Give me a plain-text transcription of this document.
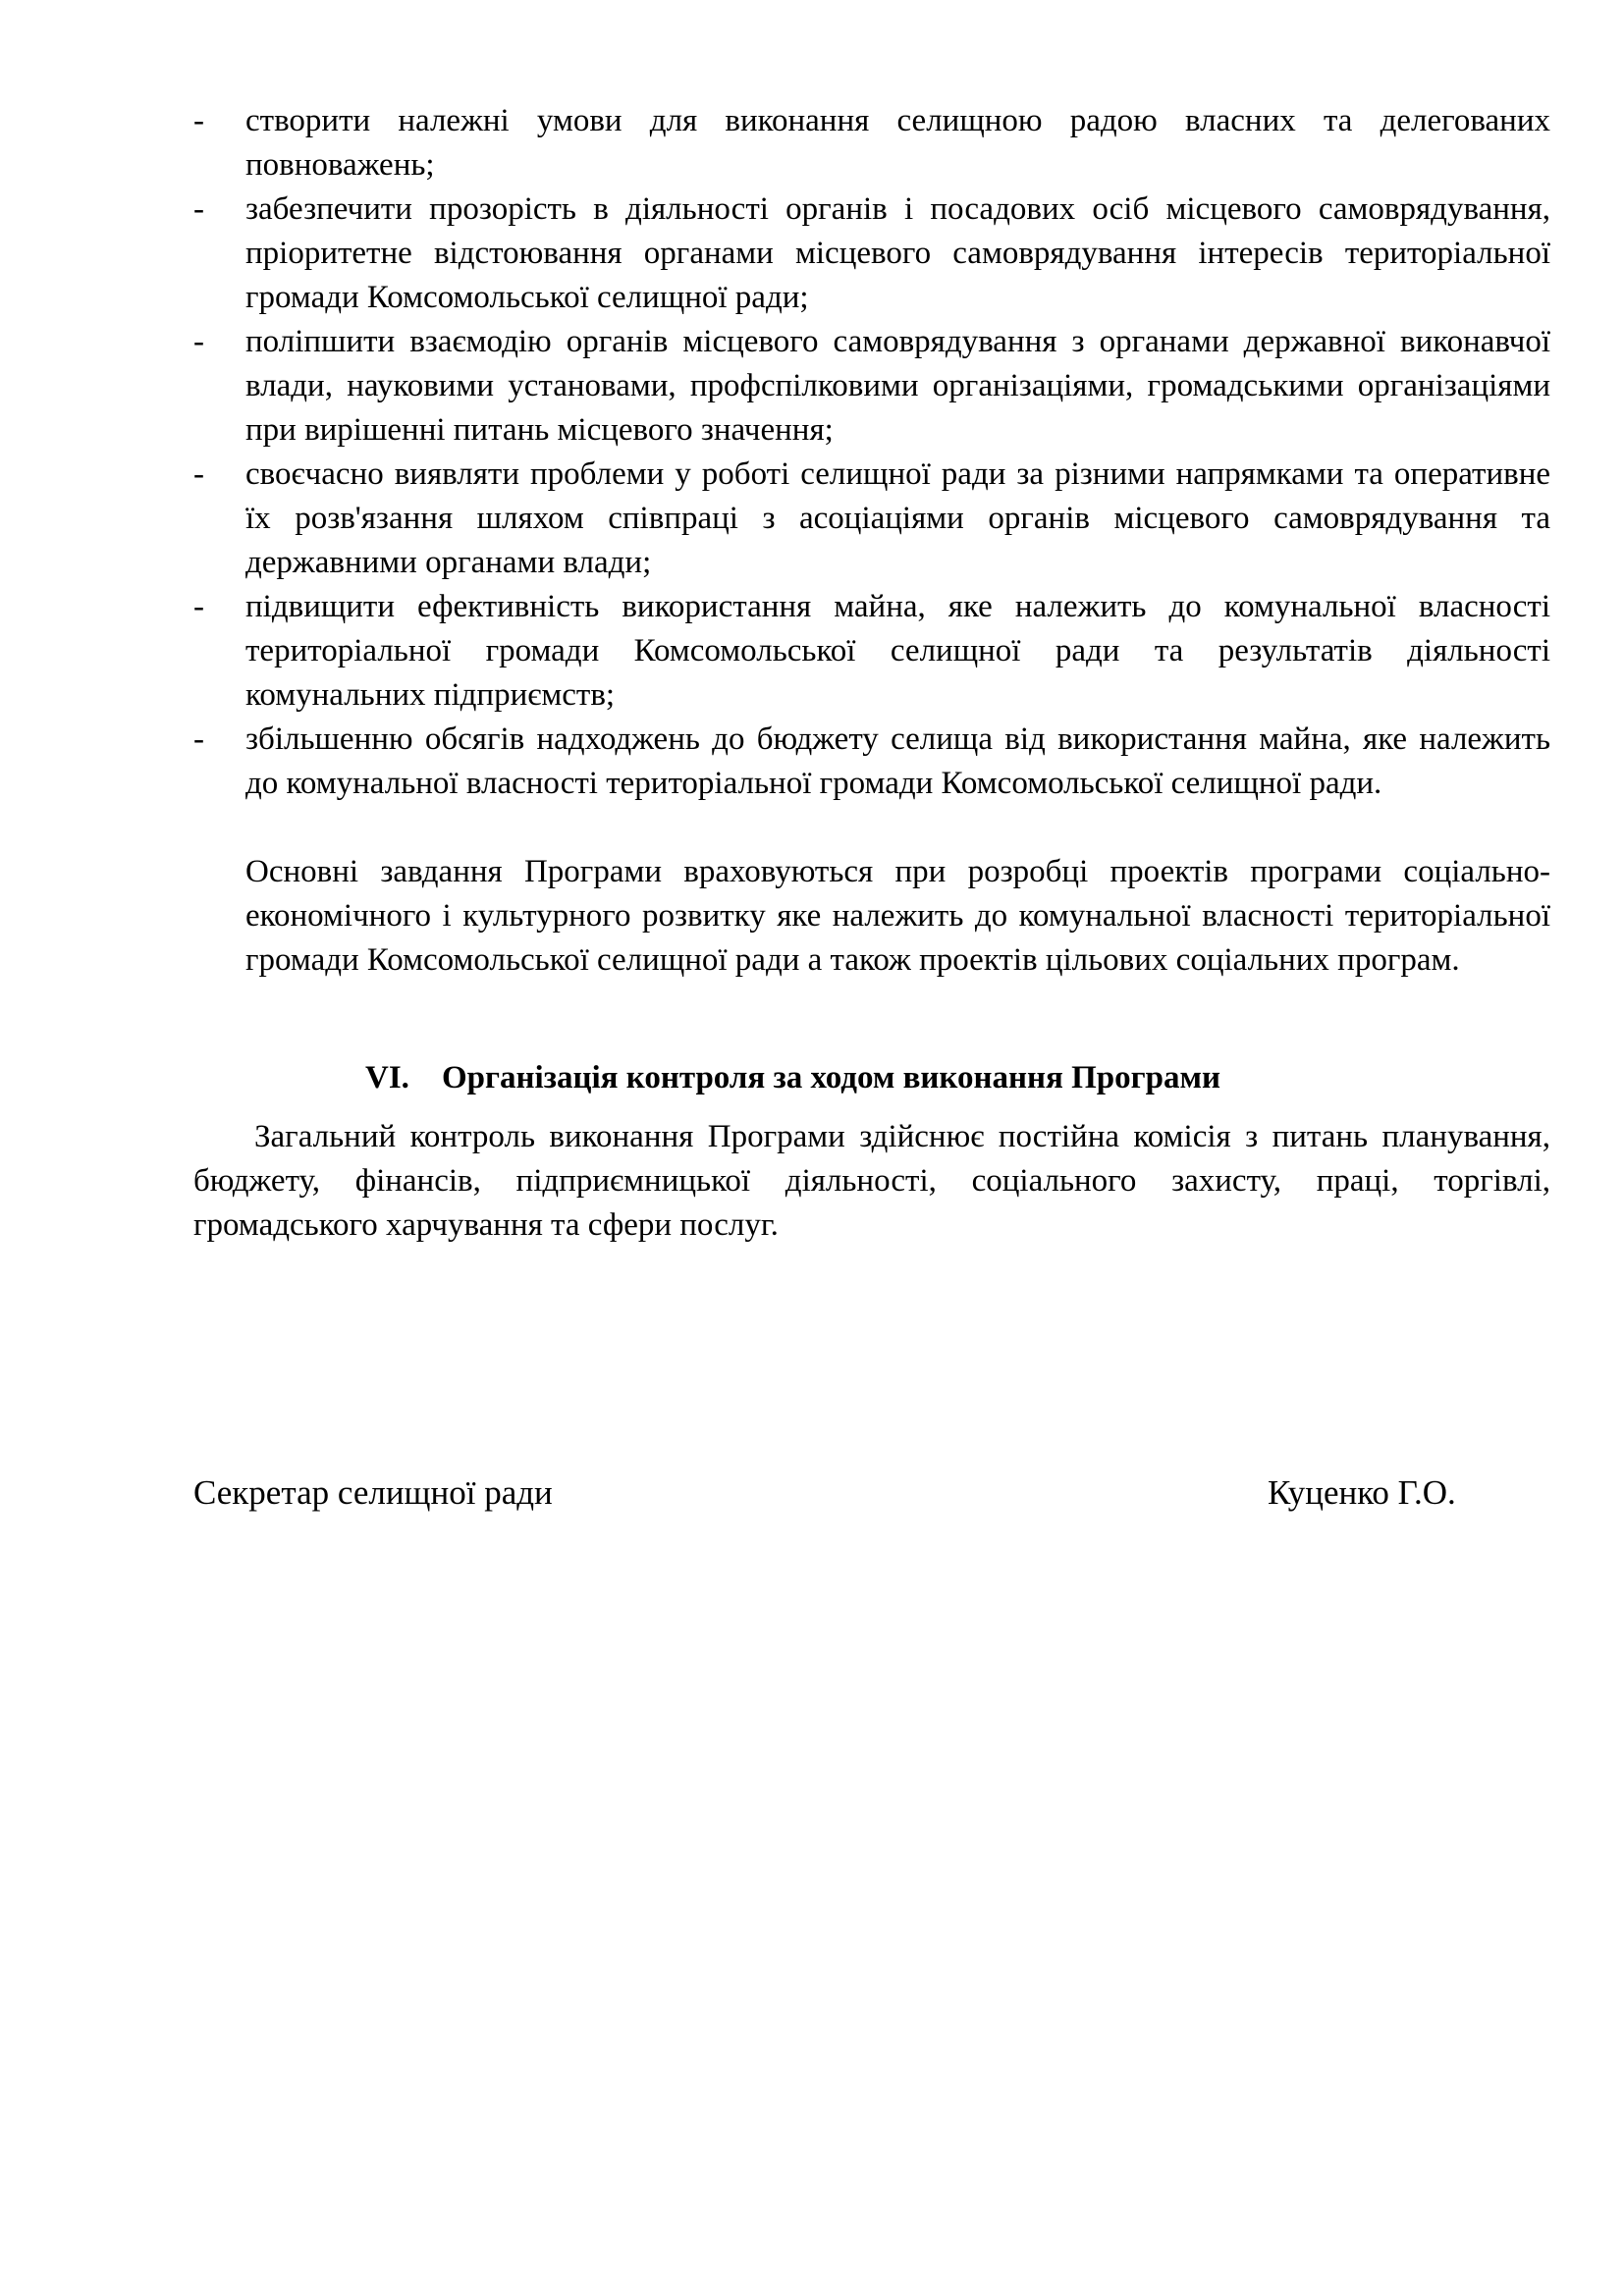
-	створити належні умови для виконання селищною радою власних та делегованих повноважень;
-	забезпечити прозорість в діяльності органів і посадових осіб місцевого самоврядування, пріоритетне відстоювання органами місцевого самоврядування інтересів територіальної громади Комсомольської селищної ради;
-	поліпшити взаємодію органів місцевого самоврядування з органами державної виконавчої влади, науковими установами, профспілковими організаціями, громадськими організаціями при вирішенні питань місцевого значення;
-	своєчасно виявляти проблеми у роботі селищної ради за різними напрямками та оперативне їх розв'язання шляхом співпраці з асоціаціями органів місцевого самоврядування та державними органами влади;
-	підвищити ефективність використання майна, яке належить до комунальної власності територіальної громади Комсомольської селищної ради та результатів діяльності комунальних підприємств;
-	збільшенню обсягів надходжень до бюджету селища від використання майна, яке належить до комунальної власності територіальної громади Комсомольської селищної ради.

Основні завдання Програми враховуються при розробці проектів програми соціально-економічного і культурного розвитку яке належить до комунальної власності територіальної громади Комсомольської селищної ради а також проектів цільових соціальних програм.

VI. Організація контроля за ходом виконання Програми

Загальний контроль виконання Програми здійснює постійна комісія з питань планування, бюджету, фінансів, підприємницької діяльності, соціального захисту, праці, торгівлі, громадського харчування та сфери послуг.

Секретар селищної ради	Куценко Г.О.
